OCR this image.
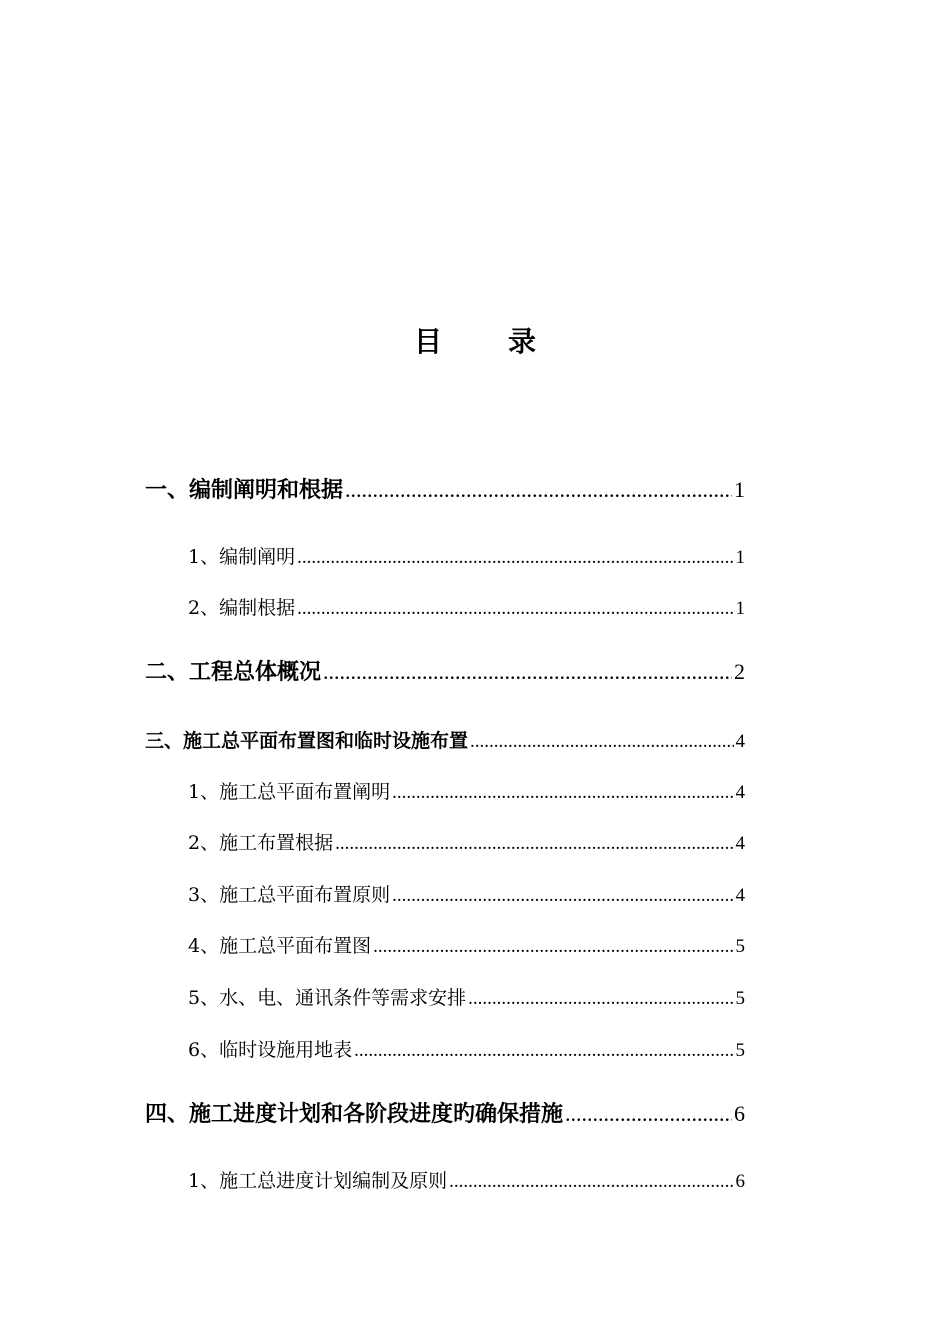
目 录
一、编制阐明和根据 .....	1
1、编制阐明 .....	1
2、编制根据 .....	1
二、工程总体概况 .....	2
三、施工总平面布置图和临时设施布置 .....	4
1、施工总平面布置阐明 .....	4
2、施工布置根据 .....	4
3、施工总平面布置原则 .....	4
4、施工总平面布置图 .....	5
5、水、电、通讯条件等需求安排 .....	5
6、临时设施用地表 .....	5
四、施工进度计划和各阶段进度旳确保措施 .....	6
1、施工总进度计划编制及原则 .....	6
